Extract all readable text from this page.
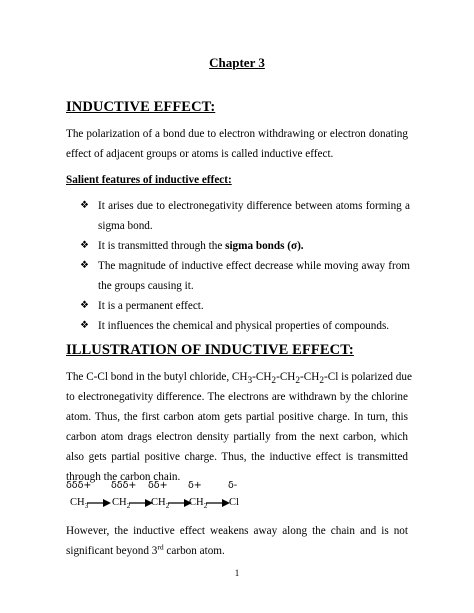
Chapter 3
INDUCTIVE EFFECT:
The polarization of a bond due to electron withdrawing or electron donating
effect of adjacent groups or atoms is called inductive effect.
Salient features of inductive effect:
❖ It arises due to electronegativity difference between atoms forming a
sigma bond.
❖ It is transmitted through the sigma bonds (σ).
❖ The magnitude of inductive effect decrease while moving away from
the groups causing it.
❖ It is a permanent effect.
❖ It influences the chemical and physical properties of compounds.
ILLUSTRATION OF INDUCTIVE EFFECT:
The C-Cl bond in the butyl chloride, $CH_3-CH_2-CH_2-CH_2-Cl$ is polarized due
to electronegativity difference. The electrons are withdrawn by the chlorine
atom. Thus, the first carbon atom gets partial positive charge. In turn, this
carbon atom drags electron density partially from the next carbon, which
also gets partial positive charge. Thus, the inductive effect is transmitted
through the carbon chain.
δδδ+ δδδ+ δδ+ δ+	δ-
$CH_3$ $CH_2$ $CH_2$ $CH_2$ Cl
However, the inductive effect weakens away along the chain and is not
significant beyond 3rd carbon atom.
1
